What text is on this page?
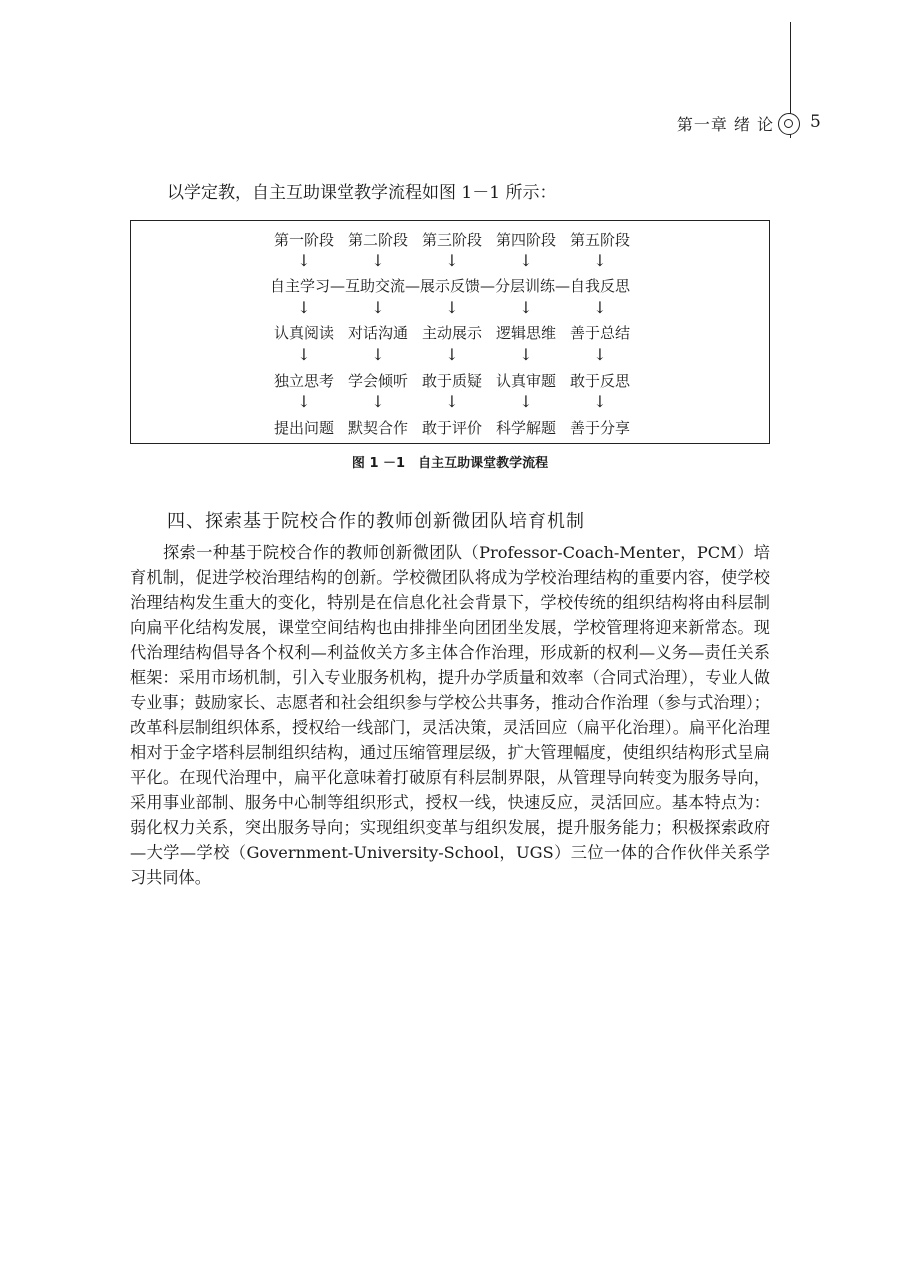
第一章 绪 论 5
以学定教，自主互助课堂教学流程如图 1－1 所示：
第一阶段 第二阶段 第三阶段 第四阶段 第五阶段
↓	↓	↓	↓	↓
自主学习—互助交流—展示反馈—分层训练—自我反思
↓	↓	↓	↓	↓
认真阅读 对话沟通 主动展示 逻辑思维 善于总结
↓	↓	↓	↓	↓
独立思考 学会倾听 敢于质疑 认真审题 敢于反思
↓	↓	↓	↓	↓
提出问题 默契合作 敢于评价 科学解题 善于分享
图 1 －1　自主互助课堂教学流程
四、探索基于院校合作的教师创新微团队培育机制

探索一种基于院校合作的教师创新微团队（Professor-Coach-Menter，PCM）培育机制，促进学校治理结构的创新。学校微团队将成为学校治理结构的重要内容，使学校治理结构发生重大的变化，特别是在信息化社会背景下，学校传统的组织结构将由科层制向扁平化结构发展，课堂空间结构也由排排坐向团团坐发展，学校管理将迎来新常态。现代治理结构倡导各个权利—利益攸关方多主体合作治理，形成新的权利—义务—责任关系框架：采用市场机制，引入专业服务机构，提升办学质量和效率（合同式治理），专业人做专业事；鼓励家长、志愿者和社会组织参与学校公共事务，推动合作治理（参与式治理）；改革科层制组织体系，授权给一线部门，灵活决策，灵活回应（扁平化治理）。扁平化治理相对于金字塔科层制组织结构，通过压缩管理层级，扩大管理幅度，使组织结构形式呈扁平化。在现代治理中，扁平化意味着打破原有科层制界限，从管理导向转变为服务导向，采用事业部制、服务中心制等组织形式，授权一线，快速反应，灵活回应。基本特点为：弱化权力关系，突出服务导向；实现组织变革与组织发展，提升服务能力；积极探索政府—大学—学校（Government-University-School，UGS）三位一体的合作伙伴关系学习共同体。
